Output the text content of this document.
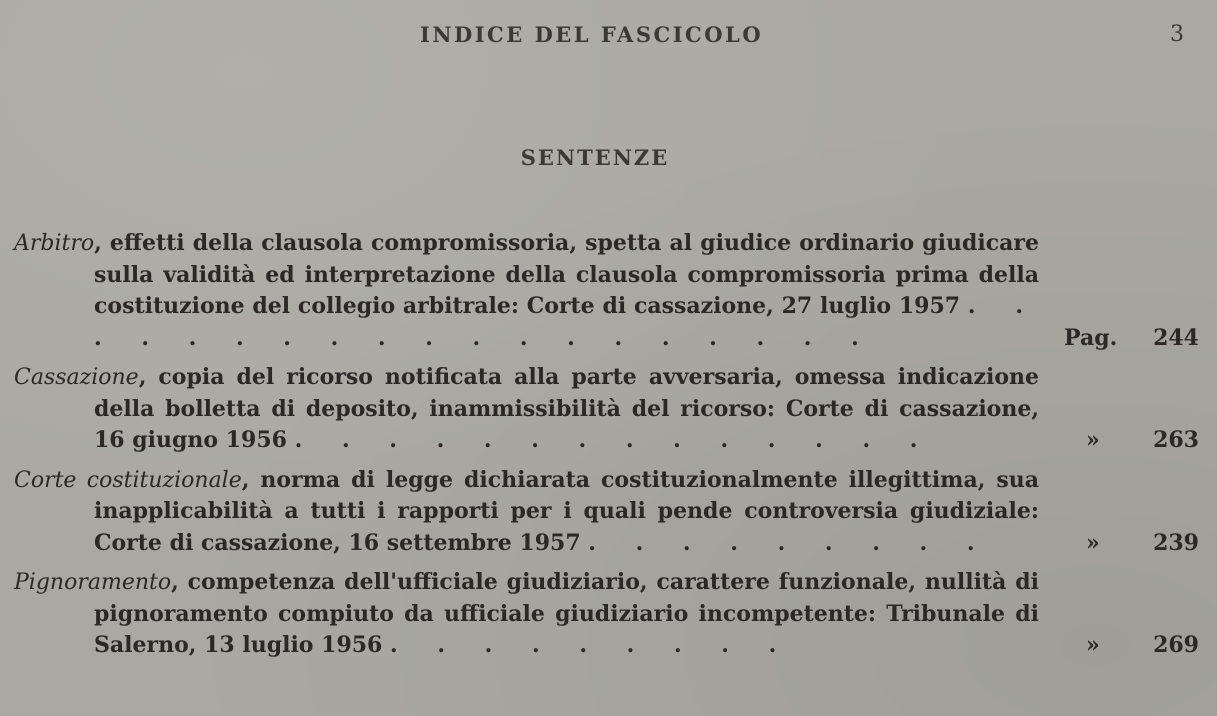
INDICE DEL FASCICOLO	3
SENTENZE
Arbitro, effetti della clausola compromissoria, spetta al giudice ordinario giudicare sulla validità ed interpretazione della clausola compromissoria prima della costituzione del collegio arbitrale: Corte di cassazione, 27 luglio 1957 . . . . . . . . . . . . . . . . . . .	Pag.	244
Cassazione, copia del ricorso notificata alla parte avversaria, omessa indicazione della bolletta di deposito, inammissibilità del ricorso: Corte di cassazione, 16 giugno 1956 . . . . . . . . . . . . . .	»	263
Corte costituzionale, norma di legge dichiarata costituzionalmente illegittima, sua inapplicabilità a tutti i rapporti per i quali pende controversia giudiziale: Corte di cassazione, 16 settembre 1957 . . . . . . . . .	»	239
Pignoramento, competenza dell'ufficiale giudiziario, carattere funzionale, nullità di pignoramento compiuto da ufficiale giudiziario incompetente: Tribunale di Salerno, 13 luglio 1956 . . . . . . . . .	»	269
